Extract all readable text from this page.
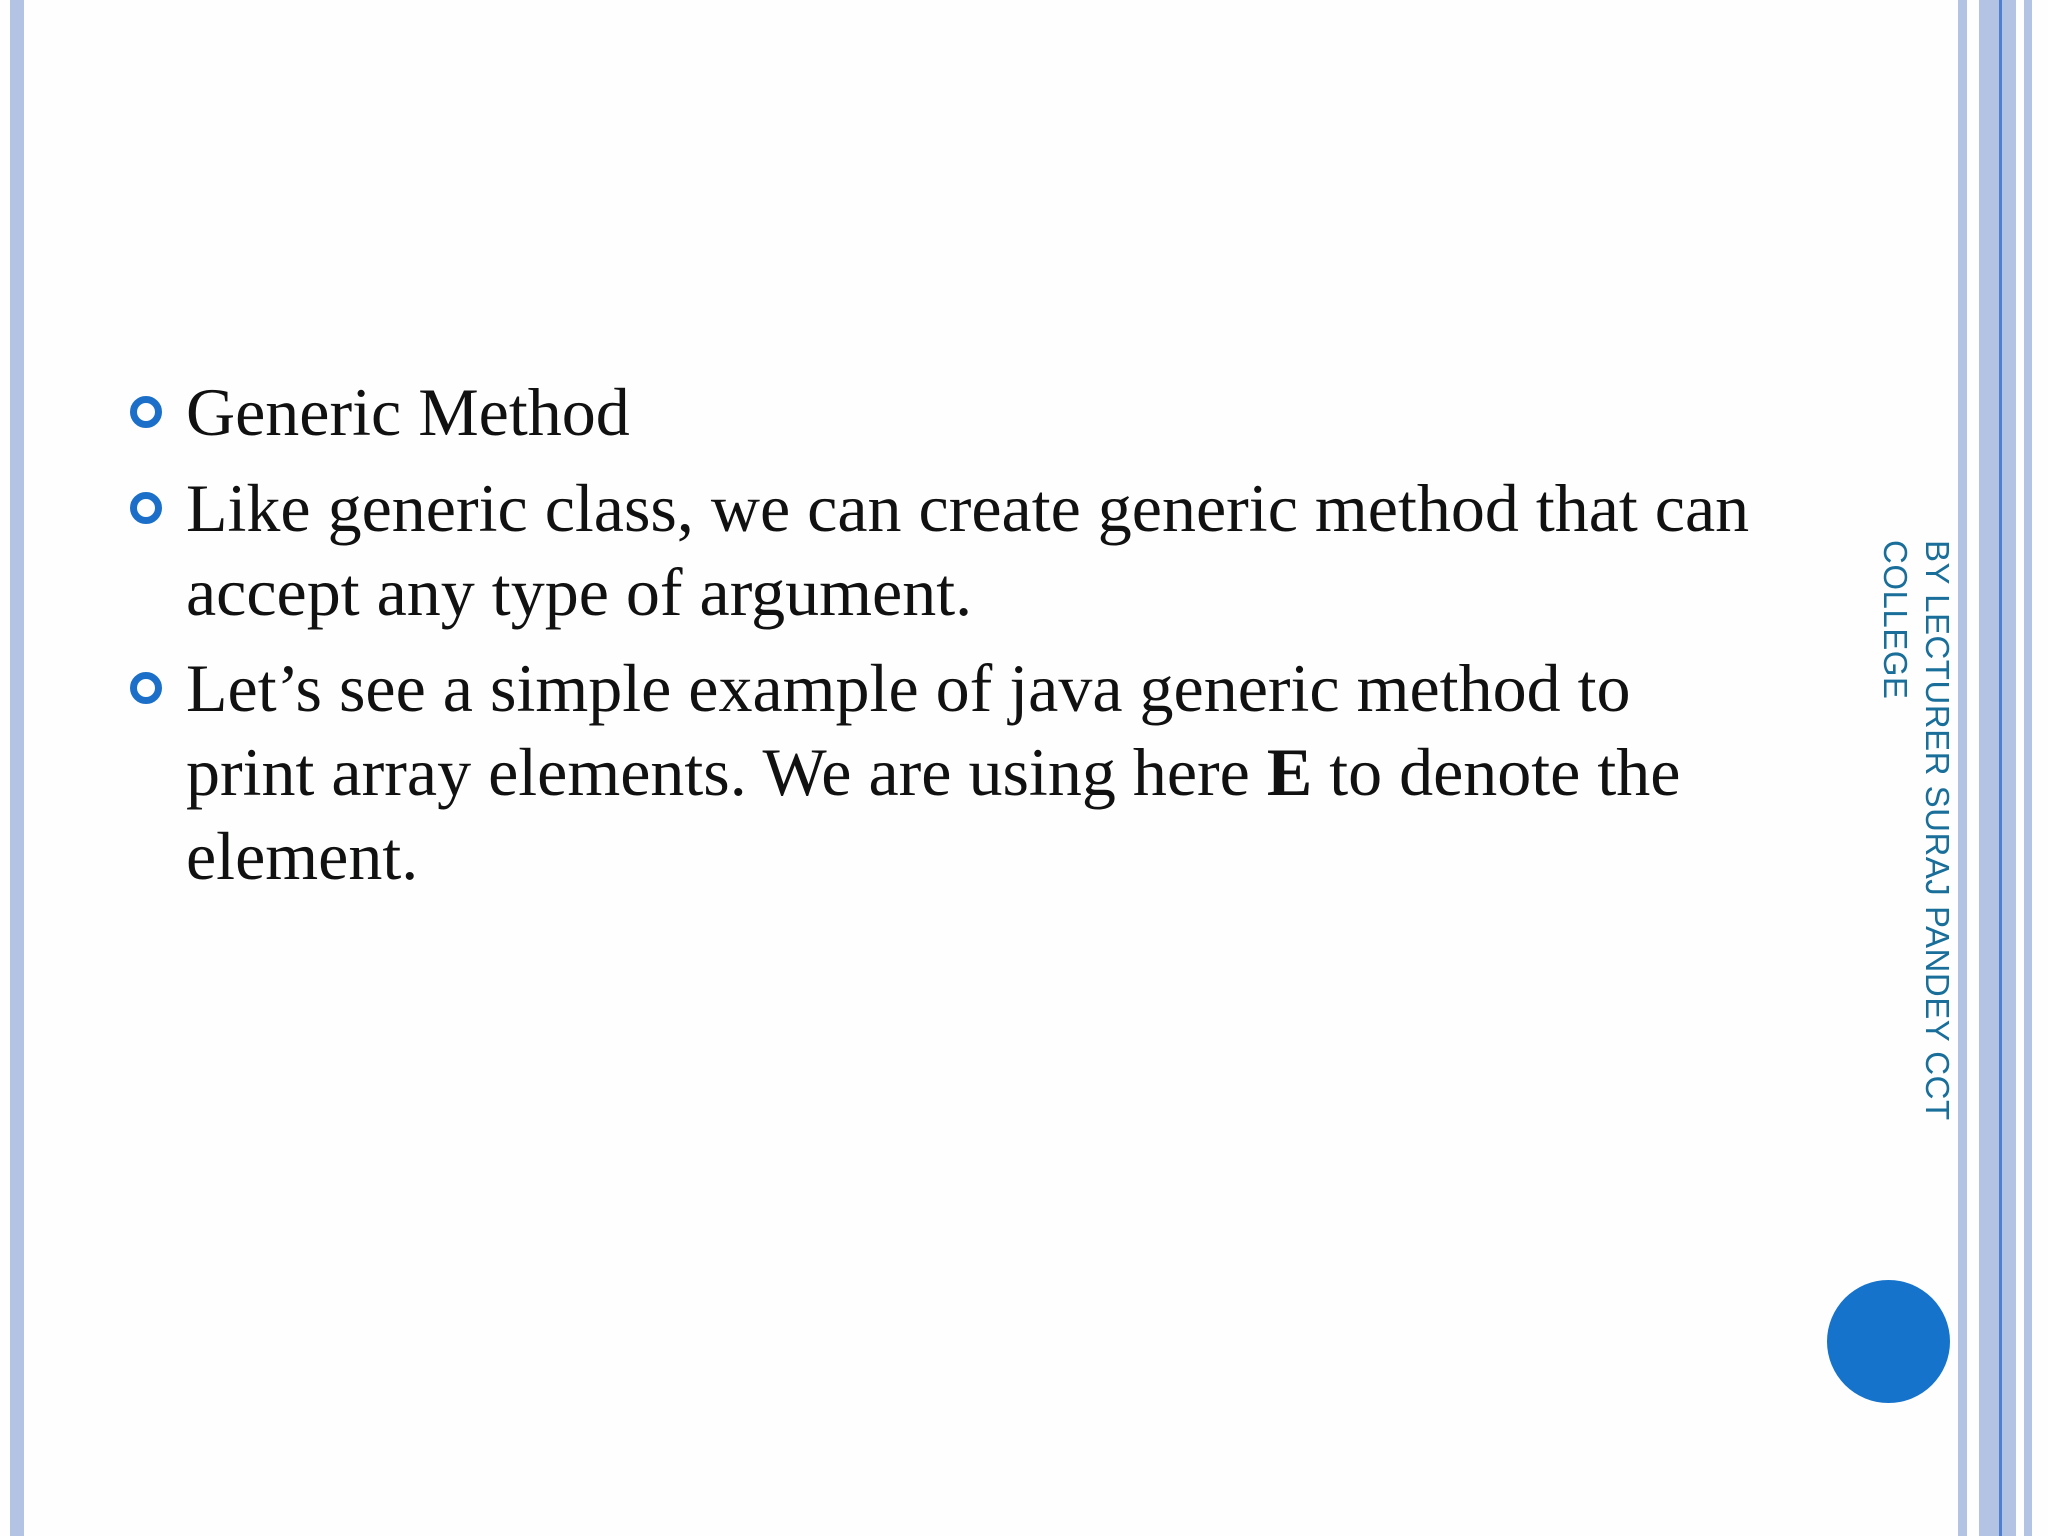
Generic Method
Like generic class, we can create generic method that can accept any type of argument.
Let’s see a simple example of java generic method to print array elements. We are using here E to denote the element.	BY LECTURER SURAJ PANDEY CCT COLLEGE
